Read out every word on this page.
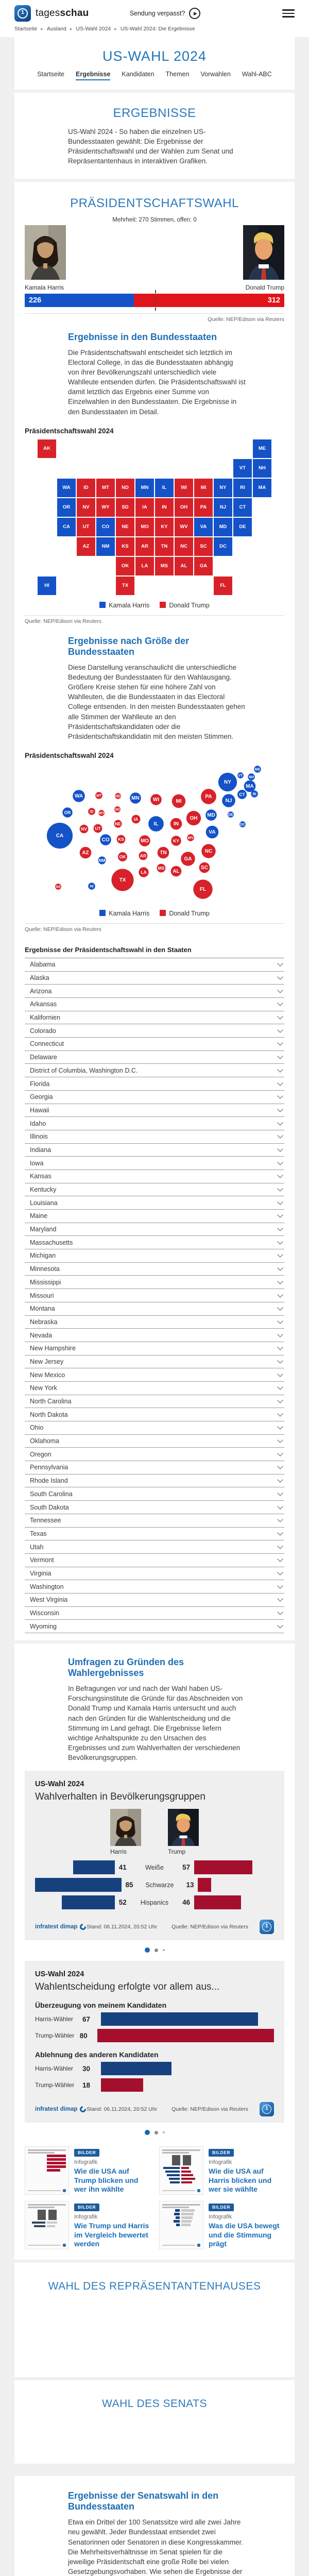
1	tagesschau	Sendung verpasst?	▶
Startseite ▸ Ausland ▸ US-Wahl 2024 ▸ US-Wahl 2024: Die Ergebnisse
US-WAHL 2024
Startseite Ergebnisse Kandidaten Themen Vorwahlen Wahl-ABC
ERGEBNISSE

US-Wahl 2024 - So haben die einzelnen US-Bundesstaaten gewählt: Die Ergebnisse der Präsidentschaftswahl und der Wahlen zum Senat und Repräsentantenhaus in interaktiven Grafiken.

PRÄSIDENTSCHAFTSWAHL
Mehrheit: 270 Stimmen, offen: 0
Kamala Harris	Donald Trump
226	312
Quelle: NEP/Edison via Reuters
Ergebnisse in den Bundesstaaten

Die Präsidentschaftswahl entscheidet sich letztlich im Electoral College, in das die Bundesstaaten abhängig von ihrer Bevölkerungszahl unterschiedlich viele Wahlleute entsenden dürfen. Die Präsidentschaftswahl ist damit letztlich das Ergebnis einer Summe von Einzelwahlen in den Bundesstaaten. Die Ergebnisse in den Bundesstaaten im Detail.

Präsidentschaftswahl 2024
AL
AK
AZ	AR
CA	CO
CT
DE
DC
FL
GA
HI
ID	IL
IN
IA
KS
KY
LA
ME
MD
MA
MI
MN
MS
MO
MT
NE
NV
NH
NJ
NM
NY
NC
ND
OH
OK
OR	PA
RI
SC
SD
TN
TX
UT
VT
VA
WA
WV
WI
WY
Kamala Harris	Donald Trump
Quelle: NEP/Edison via Reuters
Ergebnisse nach Größe der Bundesstaaten

Diese Darstellung veranschaulicht die unterschiedliche Bedeutung der Bundesstaaten für den Wahlausgang. Größere Kreise stehen für eine höhere Zahl von Wahlleuten, die die Bundesstaaten in das Electoral College entsenden. In den meisten Bundesstaaten gehen alle Stimmen der Wahlleute an den Präsidentschaftskandidaten oder die Präsidentschaftskandidatin mit den meisten Stimmen.

Präsidentschaftswahl 2024
AL
AK
AZ	AR
CA
CO
CT
DE
DC
FL
GA
HI
ID
IL	IN
IA
KS	KY
LA
ME
MD
MA
MI
MN
MS
MO
MT
NE
NV
NH
NJ
NM
NY
NC
ND
OH
OK
OR
PA	RI
SC
SD
TN
TX
UT
VT
VA
WA
WV
WI
WY
Kamala Harris	Donald Trump
Quelle: NEP/Edison via Reuters
Ergebnisse der Präsidentschaftswahl in den Staaten
Alabama
Alaska
Arizona
Arkansas
Kalifornien
Colorado
Connecticut
Delaware
District of Columbia, Washington D.C.
Florida
Georgia
Hawaii
Idaho
Illinois
Indiana
Iowa
Kansas
Kentucky
Louisiana
Maine
Maryland
Massachusetts
Michigan
Minnesota
Mississippi
Missouri
Montana
Nebraska
Nevada
New Hampshire
New Jersey
New Mexico
New York
North Carolina
North Dakota
Ohio
Oklahoma
Oregon
Pennsylvania
Rhode Island
South Carolina
South Dakota
Tennessee
Texas
Utah
Vermont
Virginia
Washington
West Virginia
Wisconsin
Wyoming
Umfragen zu Gründen des Wahlergebnisses

In Befragungen vor und nach der Wahl haben US-Forschungsinstitute die Gründe für das Abschneiden von Donald Trump und Kamala Harris untersucht und auch nach den Gründen für die Wahlentscheidung und die Stimmung im Land gefragt. Die Ergebnisse liefern wichtige Anhaltspunkte zu den Ursachen des Ergebnisses und zum Wahlverhalten der verschiedenen Bevölkerungsgruppen.

US-Wahl 2024
Wahlverhalten in Bevölkerungsgruppen
Harris	Trump
41	Weiße	57
85	Schwarze	13
52	Hispanics	46
infratest dimap Stand: 06.11.2024, 20:52 Uhr	Quelle: NEP/Edison via Reuters	1
US-Wahl 2024
Wahlentscheidung erfolgte vor allem aus...
Überzeugung von meinem Kandidaten
Harris-Wähler	67
Trump-Wähler 80
Ablehnung des anderen Kandidaten
Harris-Wähler	30
Trump-Wähler	18
infratest dimap Stand: 06.11.2024, 20:52 Uhr	Quelle: NEP/Edison via Reuters	1
BILDER
Infografik
Wie die USA auf Trump blicken und wer ihn wählte
BILDER
Infografik
Wie die USA auf Harris blicken und wer sie wählte
BILDER
Infografik
Wie Trump und Harris im Vergleich bewertet werden
BILDER
Infografik
Was die USA bewegt und die Stimmung prägt
WAHL DES REPRÄSENTANTENHAUSES
WAHL DES SENATS
Ergebnisse der Senatswahl in den Bundesstaaten

Etwa ein Drittel der 100 Senatssitze wird alle zwei Jahre neu gewählt. Jeder Bundesstaat entsendet zwei Senatorinnen oder Senatoren in diese Kongresskammer. Die Mehrheitsverhältnisse im Senat spielen für die jeweilige Präsidentschaft eine große Rolle bei vielen Gesetzgebungsvorhaben. Wie sehen die Ergebnisse der
